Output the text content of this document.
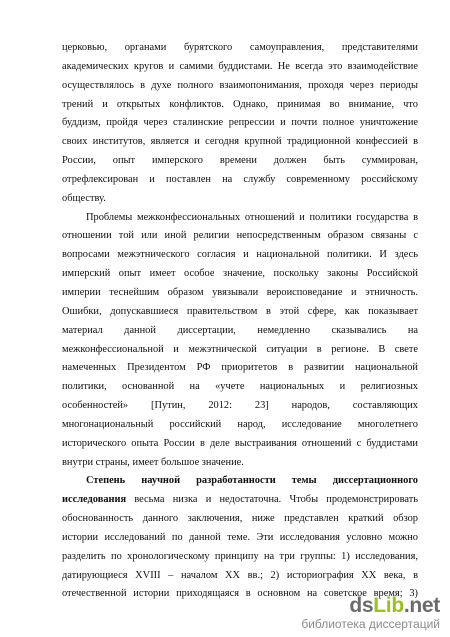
церковью, органами бурятского самоуправления, представителями
академических кругов и самими буддистами. Не всегда это взаимодействие
осуществлялось в духе полного взаимопонимания, проходя через периоды
трений и открытых конфликтов. Однако, принимая во внимание, что
буддизм, пройдя через сталинские репрессии и почти полное уничтожение
своих институтов, является и сегодня крупной традиционной конфессией в
России, опыт имперского времени должен быть суммирован,
отрефлексирован и поставлен на службу современному российскому
обществу.

Проблемы межконфессиональных отношений и политики государства в
отношении той или иной религии непосредственным образом связаны с
вопросами межэтнического согласия и национальной политики. И здесь
имперский опыт имеет особое значение, поскольку законы Российской
империи теснейшим образом увязывали вероисповедание и этничность.
Ошибки, допускавшиеся правительством в этой сфере, как показывает
материал данной диссертации, немедленно сказывались на
межконфессиональной и межэтнической ситуации в регионе. В свете
намеченных Президентом РФ приоритетов в развитии национальной
политики, основанной на «учете национальных и религиозных
особенностей» [Путин, 2012: 23] народов, составляющих
многонациональный российский народ, исследование многолетнего
исторического опыта России в деле выстраивания отношений с буддистами
внутри страны, имеет большое значение.

Степень научной разработанности темы диссертационного
исследования весьма низка и недостаточна. Чтобы продемонстрировать
обоснованность данного заключения, ниже представлен краткий обзор
истории исследований по данной теме. Эти исследования условно можно
разделить по хронологическому принципу на три группы: 1) исследования,
датирующиеся XVIII – началом XX вв.; 2) историография XX века, в
отечественной истории приходящаяся в основном на советское время; 3)

dsLib.net
библиотека диссертаций
